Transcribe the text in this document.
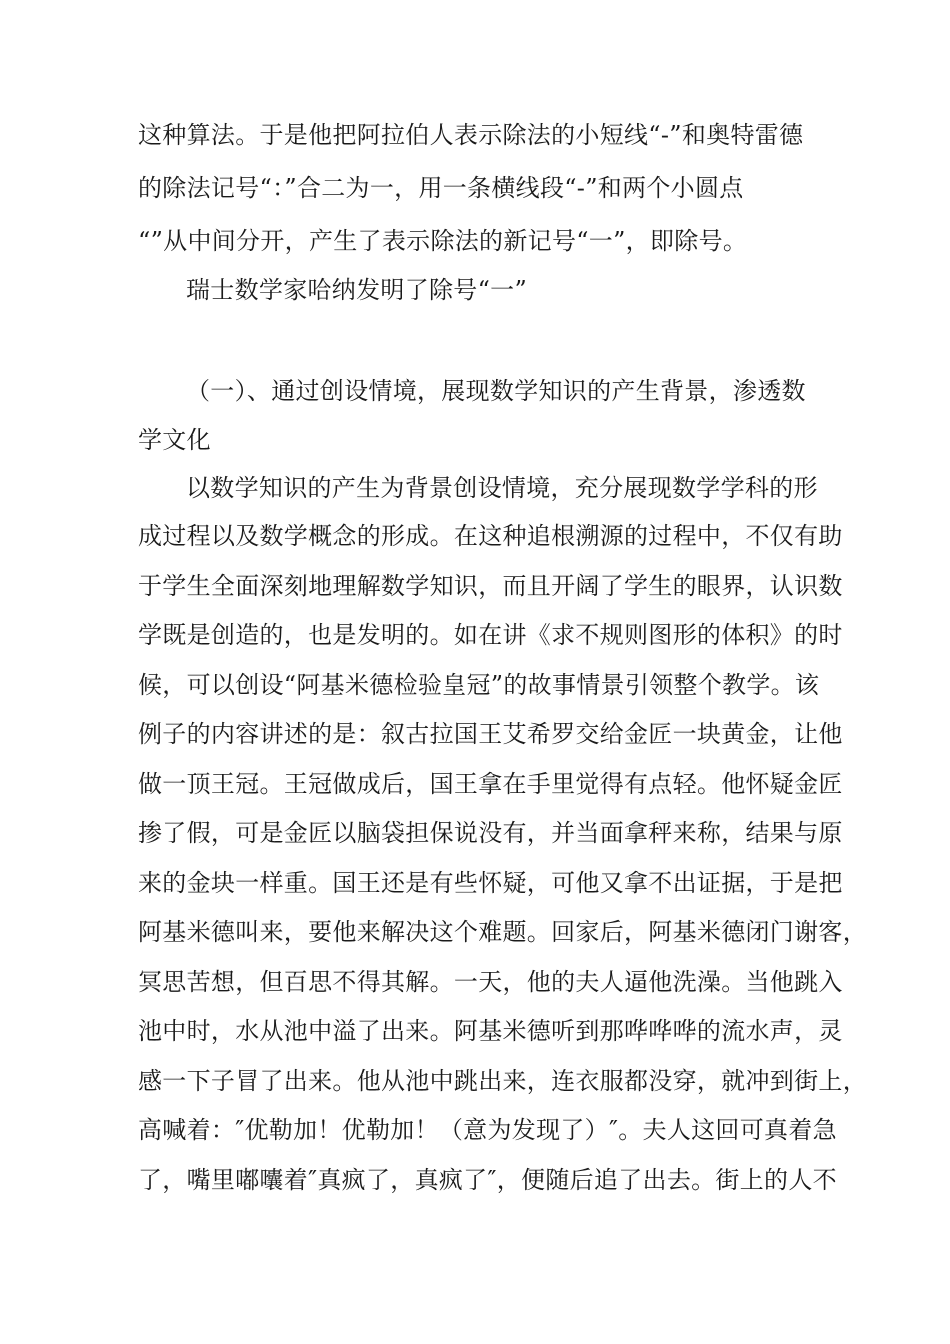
这种算法。于是他把阿拉伯人表示除法的小短线“-”和奥特雷德
的除法记号“：”合二为一，用一条横线段“-”和两个小圆点
“”从中间分开，产生了表示除法的新记号“一”，即除号。
瑞士数学家哈纳发明了除号“一”
（一）、通过创设情境，展现数学知识的产生背景，渗透数
学文化
以数学知识的产生为背景创设情境，充分展现数学学科的形
成过程以及数学概念的形成。在这种追根溯源的过程中，不仅有助
于学生全面深刻地理解数学知识，而且开阔了学生的眼界，认识数
学既是创造的，也是发明的。如在讲《求不规则图形的体积》的时
候，可以创设“阿基米德检验皇冠”的故事情景引领整个教学。该
例子的内容讲述的是：叙古拉国王艾希罗交给金匠一块黄金，让他
做一顶王冠。王冠做成后，国王拿在手里觉得有点轻。他怀疑金匠
掺了假，可是金匠以脑袋担保说没有，并当面拿秤来称，结果与原
来的金块一样重。国王还是有些怀疑，可他又拿不出证据，于是把
阿基米德叫来，要他来解决这个难题。回家后，阿基米德闭门谢客，
冥思苦想，但百思不得其解。一天，他的夫人逼他洗澡。当他跳入
池中时，水从池中溢了出来。阿基米德听到那哗哗哗的流水声，灵
感一下子冒了出来。他从池中跳出来，连衣服都没穿，就冲到街上，
高喊着：″优勒加！优勒加！（意为发现了）″。夫人这回可真着急
了，嘴里嘟囔着″真疯了，真疯了″，便随后追了出去。街上的人不
